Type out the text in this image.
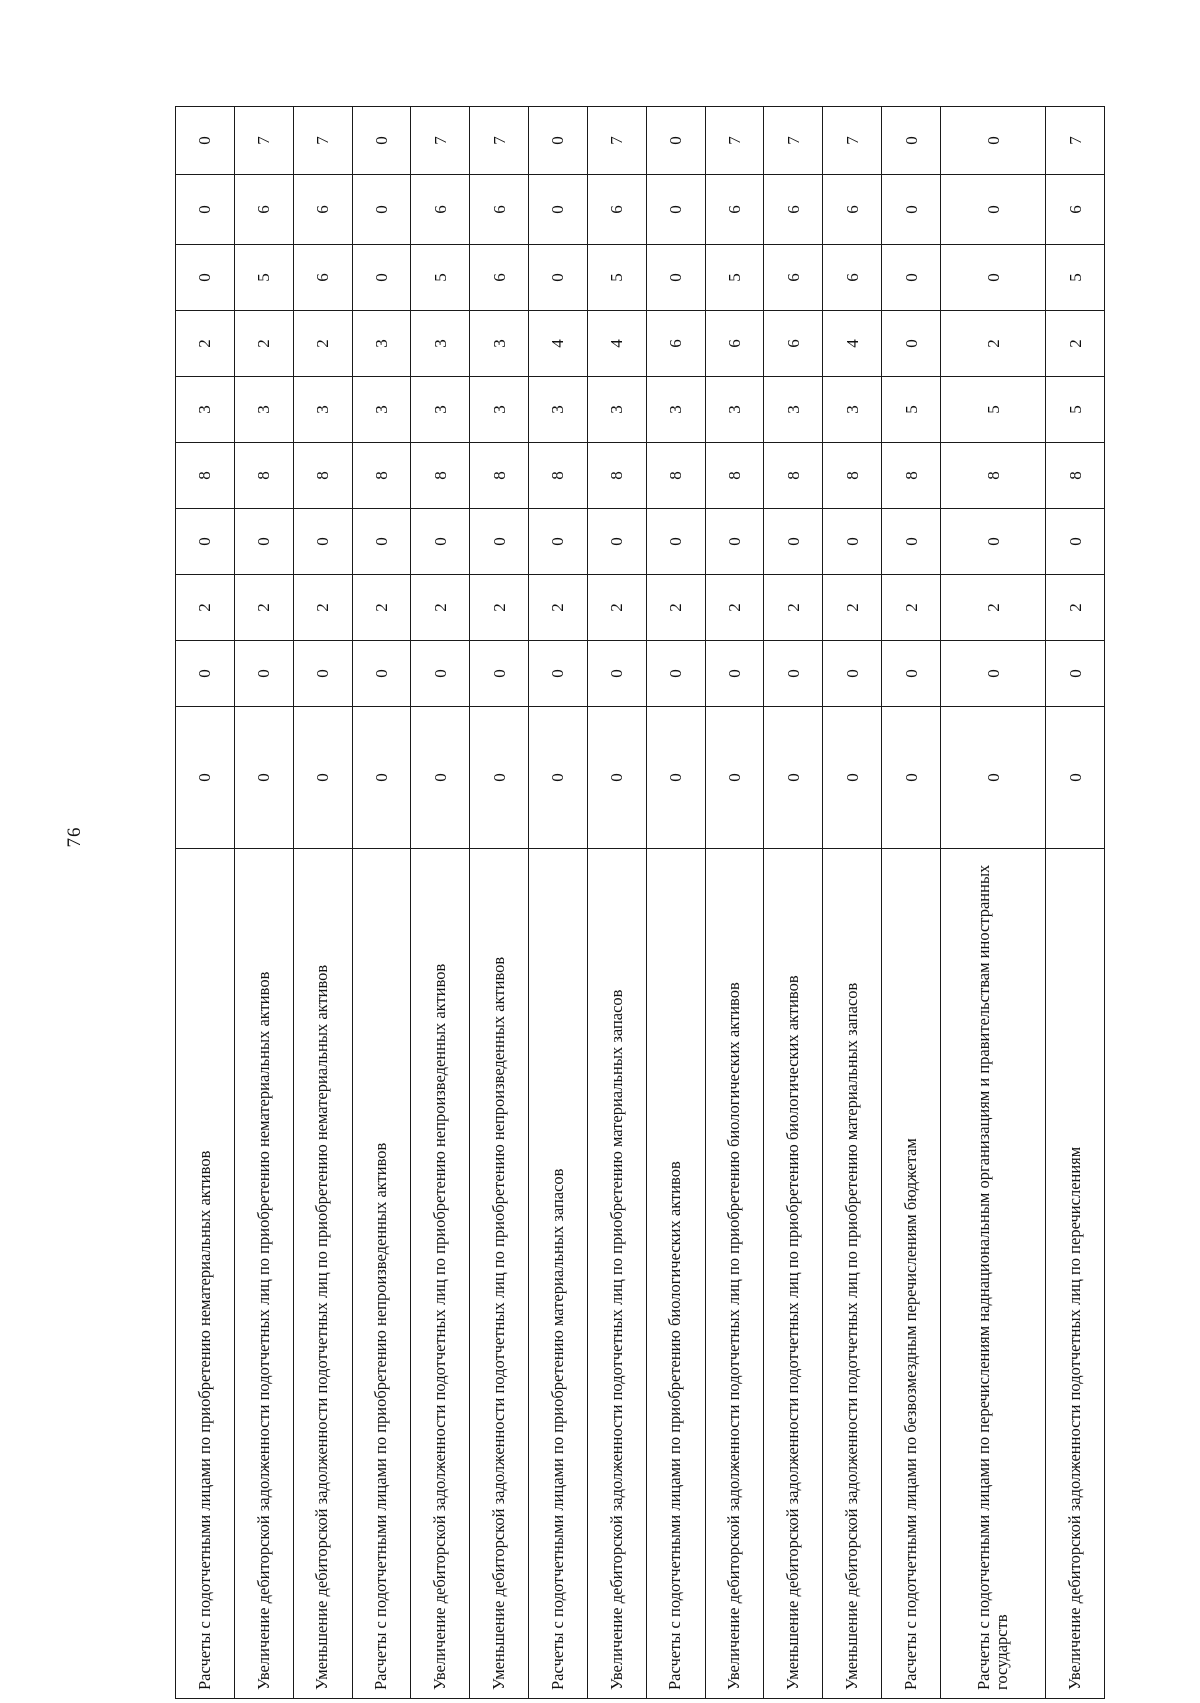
76
Расчеты с подотчетными лицами по приобретению нематериальных активов	0	0	2	0	8	3	2	0	0	0
Увеличение дебиторской задолженности подотчетных лиц по приобретению нематериальных активов	0	0	2	0	8	3	2	5	6	7
Уменьшение дебиторской задолженности подотчетных лиц по приобретению нематериальных активов	0	0	2	0	8	3	2	6	6	7
Расчеты с подотчетными лицами по приобретению непроизведенных активов	0	0	2	0	8	3	3	0	0	0
Увеличение дебиторской задолженности подотчетных лиц по приобретению непроизведенных активов	0	0	2	0	8	3	3	5	6	7
Уменьшение дебиторской задолженности подотчетных лиц по приобретению непроизведенных активов	0	0	2	0	8	3	3	6	6	7
Расчеты с подотчетными лицами по приобретению материальных запасов	0	0	2	0	8	3	4	0	0	0
Увеличение дебиторской задолженности подотчетных лиц по приобретению материальных запасов	0	0	2	0	8	3	4	5	6	7
Расчеты с подотчетными лицами по приобретению биологических активов	0	0	2	0	8	3	6	0	0	0
Увеличение дебиторской задолженности подотчетных лиц по приобретению биологических активов	0	0	2	0	8	3	6	5	6	7
Уменьшение дебиторской задолженности подотчетных лиц по приобретению биологических активов	0	0	2	0	8	3	6	6	6	7
Уменьшение дебиторской задолженности подотчетных лиц по приобретению материальных запасов	0	0	2	0	8	3	4	6	6	7
Расчеты с подотчетными лицами по безвозмездным перечислениям бюджетам	0	0	2	0	8	5	0	0	0	0
Расчеты с подотчетными лицами по перечислениям наднациональным организациям и правительствам иностранных государств	0	0	2	0	8	5	2	0	0	0
Увеличение дебиторской задолженности подотчетных лиц по перечислениям	0	0	2	0	8	5	2	5	6	7
